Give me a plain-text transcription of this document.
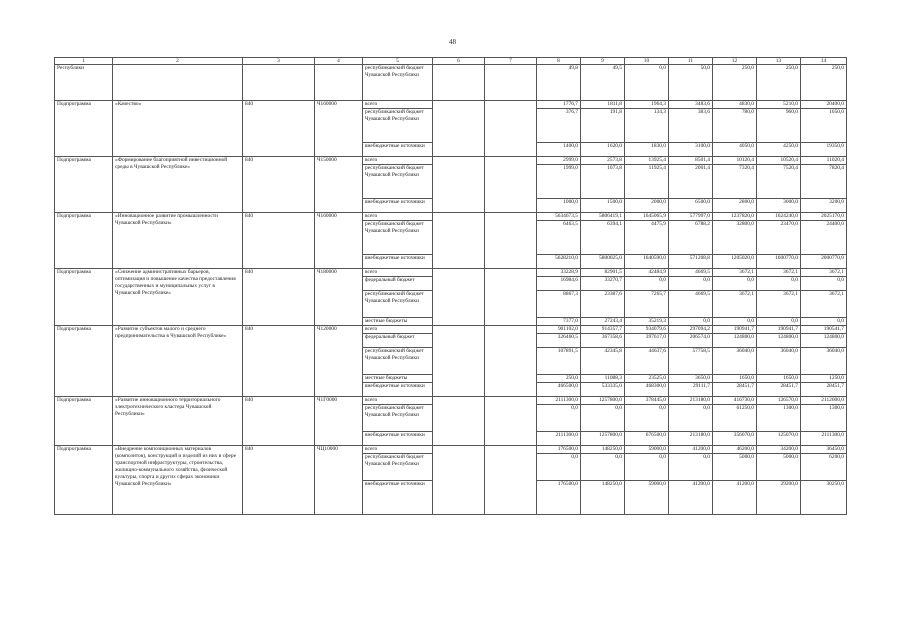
48
1	2	3	4	5	6	7	8	9	10	11	12	13	14
Республики				республиканский бюджет Чувашской Республики			49,8	49,5	0,0	50,0	250,0	250,0	250,0
Подпрограмма	«Качество»	840	Ч160000	всего			1776,7	1811,8	1964,3	3483,6	4830,0	5210,0	20400,0
				республиканский бюджет Чувашской Республики			376,7	191,8	134,3	383,6	780,0	960,0	1050,0
				внебюджетные источники			1400,0	1620,0	1830,0	3100,0	4050,0	4250,0	19350,0
Подпрограмма	«Формирование благоприятной инвестиционной среды в Чувашской Республике»	840	Ч150000	всего			2999,0	2573,8	13925,4	8501,4	10120,4	10520,4	11020,4
				республиканский бюджет Чувашской Республики			1999,0	1073,8	11925,4	2001,4	7320,4	7520,4	7820,4
				внебюджетные источники			1000,0	1500,0	2000,0	6500,0	2800,0	3000,0	3200,0
Подпрограмма	«Инновационное развитие промышленности Чувашской Республики»	840	Ч160000	всего			5634673,5	5806419,1	1645065,9	577997,0	1237820,0	1624240,0	2025170,0
				республиканский бюджет Чувашской Республики			6463,5	6394,1	4475,9	6788,2	32800,0	23470,0	24400,0
				внебюджетные источники			5628210,0	5800025,0	1640590,0	571208,8	1205020,0	1600770,0	2000770,0
Подпрограмма	«Снижение административных барьеров, оптимизация и повышение качества предоставления государственных и муниципальных услуг в Чувашской Республике»	840	Ч180000	всего			33228,9	82901,5	42484,9	4669,5	3672,1	3672,1	3672,1
				федеральный бюджет			16984,6	33270,7	0,0	0,0	0,0	0,0	0,0
				республиканский бюджет Чувашской Республики			8867,3	23387,6	7265,7	4669,5	3672,1	3672,1	3672,1
				местные бюджеты			7377,0	27243,4	35219,3	0,0	0,0	0,0	0,0
Подпрограмма	«Развитие субъектов малого и среднего предпринимательства в Чувашской Республике»	840	Ч120000	всего			901102,0	914357,7	934079,6	297094,2	190941,7	190941,7	190541,7
				федеральный бюджет			326460,5	367358,6	397617,0	206574,0	124800,0	124800,0	124800,0
				республиканский бюджет Чувашской Республики			107891,5	42345,8	44637,6	57758,5	36040,0	36040,0	36040,0
				местные бюджеты			250,0	11088,3	23525,0	3650,0	1650,0	1650,0	1250,0
				внебюджетные источники			466500,0	533335,0	468300,0	29111,7	28451,7	28451,7	28451,7
Подпрограмма	«Развитие инновационного территориального электротехнического кластера Чувашской Республики»	840	Ч1Г0000	всего			2111300,0	1257800,0	378445,0	213180,0	416730,0	126570,0	2112600,0
				республиканский бюджет Чувашской Республики			0,0	0,0	0,0	0,0	61250,0	1300,0	1300,0
				внебюджетные источники			2111300,0	1257800,0	676500,0	213180,0	356070,0	125070,0	2111300,0
Подпрограмма	«Внедрение композиционных материалов (композитов), конструкций и изделий из них в сфере транспортной инфраструктуры, строительства, жилищно-коммунального хозяйства, физической культуры, спорта и других сферах экономики Чувашской Республики»	840	ЧЦ10000	всего			176500,0	148250,0	59000,0	41200,0	46200,0	34200,0	36450,0
				республиканский бюджет Чувашской Республики			0,0	0,0	0,0	0,0	5000,0	5000,0	6200,0
				внебюджетные источники			176500,0	148250,0	59000,0	41200,0	41200,0	29200,0	30250,0
